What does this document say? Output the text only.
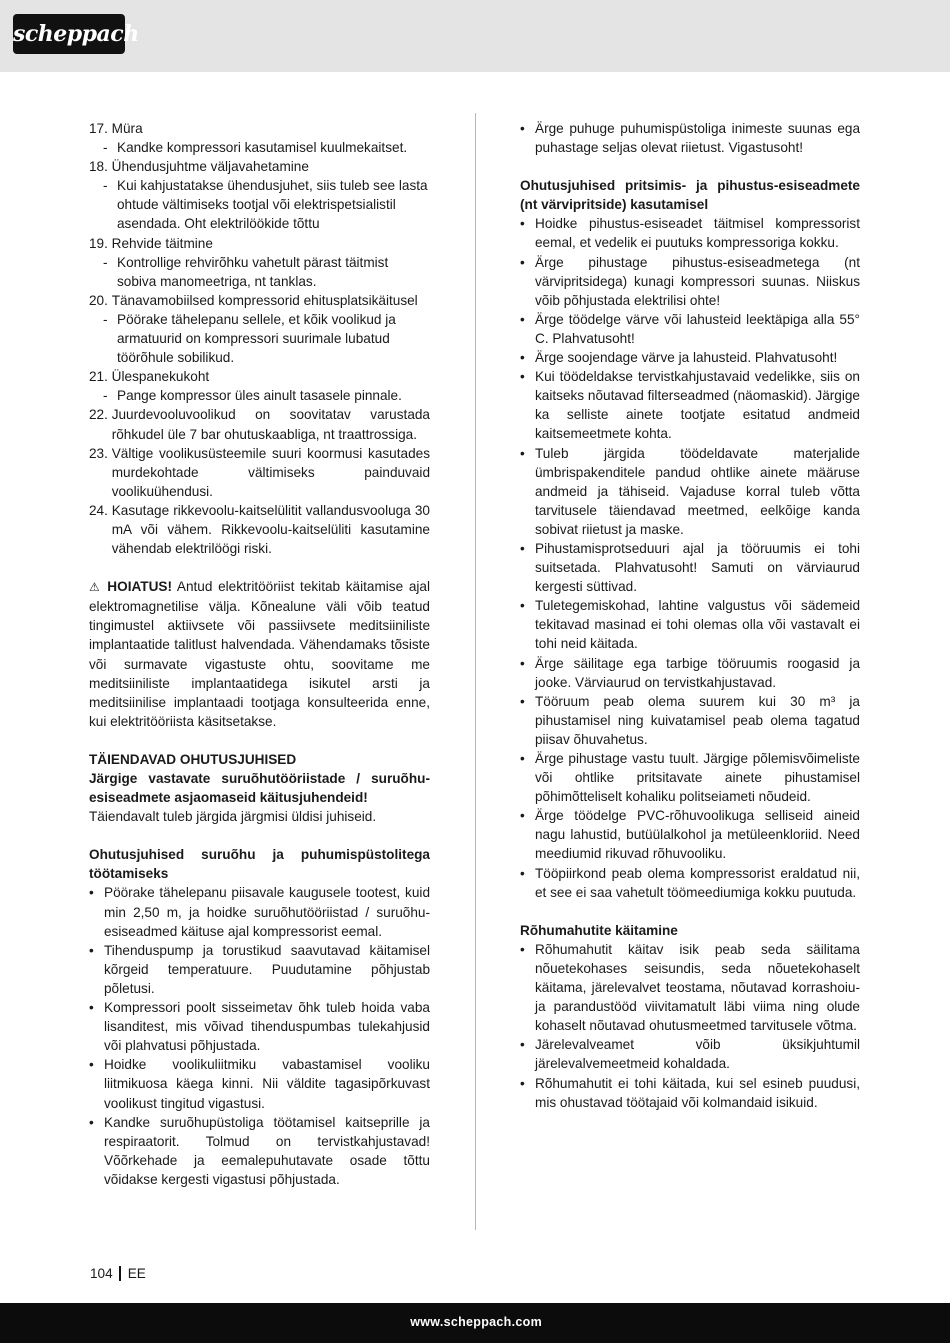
scheppach

17. Müra

- Kandke kompressori kasutamisel kuulmekaitset.

18. Ühendusjuhtme väljavahetamine

- Kui kahjustatakse ühendusjuhet, siis tuleb see lasta ohtude vältimiseks tootjal või elektrispetsialistil asendada. Oht elektrilöökide tõttu

19. Rehvide täitmine

- Kontrollige rehvirõhku vahetult pärast täitmist sobiva manomeetriga, nt tanklas.
20. Tänavamobiilsed kompressorid ehitusplatsikäitusel
- Pöörake tähelepanu sellele, et kõik voolikud ja armatuurid on kompressori suurimale lubatud töörõhule sobilikud.

21. Ülespanekukoht

- Pange kompressor üles ainult tasasele pinnale.
22. Juurdevooluvoolikud on soovitatav varustada rõhkudel üle 7 bar ohutuskaabliga, nt traattrossiga.
23. Vältige voolikusüsteemile suuri koormusi kasutades murdekohtade vältimiseks painduvaid voolikuühendusi.
24. Kasutage rikkevoolu-kaitselülitit vallandusvooluga 30 mA või vähem. Rikkevoolu-kaitselüliti kasutamine vähendab elektrilöögi riski.

⚠ HOIATUS! Antud elektritööriist tekitab käitamise ajal elektromagnetilise välja. Kõnealune väli võib teatud tingimustel aktiivsete või passiivsete meditsiiniliste implantaatide talitlust halvendada. Vähendamaks tõsiste või surmavate vigastuste ohtu, soovitame me meditsiiniliste implantaatidega isikutel arsti ja meditsiinilise implantaadi tootjaga konsulteerida enne, kui elektritööriista käsitsetakse.

TÄIENDAVAD OHUTUSJUHISED

Järgige vastavate suruõhutööriistade / suruõhu-esiseadmete asjaomaseid käitusjuhendeid!

Täiendavalt tuleb järgida järgmisi üldisi juhiseid.

Ohutusjuhised suruõhu ja puhumispüstolitega töötamiseks

• Pöörake tähelepanu piisavale kaugusele tootest, kuid min 2,50 m, ja hoidke suruõhutööriistad / suruõhu-esiseadmed käituse ajal kompressorist eemal.
• Tihenduspump ja torustikud saavutavad käitamisel kõrgeid temperatuure. Puudutamine põhjustab põletusi.
• Kompressori poolt sisseimetav õhk tuleb hoida vaba lisanditest, mis võivad tihenduspumbas tulekahjusid või plahvatusi põhjustada.
• Hoidke voolikuliitmiku vabastamisel vooliku liitmikuosa käega kinni. Nii väldite tagasipõrkuvast voolikust tingitud vigastusi.
• Kandke suruõhupüstoliga töötamisel kaitseprille ja respiraatorit. Tolmud on tervistkahjustavad! Võõrkehade ja eemalepuhutavate osade tõttu võidakse kergesti vigastusi põhjustada.
• Ärge puhuge puhumispüstoliga inimeste suunas ega puhastage seljas olevat riietust. Vigastusoht!

Ohutusjuhised pritsimis- ja pihustus-esiseadmete (nt värvipritside) kasutamisel

• Hoidke pihustus-esiseadet täitmisel kompressorist eemal, et vedelik ei puutuks kompressoriga kokku.
• Ärge pihustage pihustus-esiseadmetega (nt värvipritsidega) kunagi kompressori suunas. Niiskus võib põhjustada elektrilisi ohte!
• Ärge töödelge värve või lahusteid leektäpiga alla 55° C. Plahvatusoht!
• Ärge soojendage värve ja lahusteid. Plahvatusoht!
• Kui töödeldakse tervistkahjustavaid vedelikke, siis on kaitseks nõutavad filterseadmed (näomaskid). Järgige ka selliste ainete tootjate esitatud andmeid kaitsemeetmete kohta.
• Tuleb järgida töödeldavate materjalide ümbrispakenditele pandud ohtlike ainete määruse andmeid ja tähiseid. Vajaduse korral tuleb võtta tarvitusele täiendavad meetmed, eelkõige kanda sobivat riietust ja maske.
• Pihustamisprotseduuri ajal ja tööruumis ei tohi suitsetada. Plahvatusoht! Samuti on värviaurud kergesti süttivad.
• Tuletegemiskohad, lahtine valgustus või sädemeid tekitavad masinad ei tohi olemas olla või vastavalt ei tohi neid käitada.
• Ärge säilitage ega tarbige tööruumis roogasid ja jooke. Värviaurud on tervistkahjustavad.
• Tööruum peab olema suurem kui 30 m³ ja pihustamisel ning kuivatamisel peab olema tagatud piisav õhuvahetus.
• Ärge pihustage vastu tuult. Järgige põlemisvõimeliste või ohtlike pritsitavate ainete pihustamisel põhimõtteliselt kohaliku politseiameti nõudeid.
• Ärge töödelge PVC-rõhuvoolikuga selliseid aineid nagu lahustid, butüülalkohol ja metüleenkloriid. Need meediumid rikuvad rõhuvooliku.
• Tööpiirkond peab olema kompressorist eraldatud nii, et see ei saa vahetult töömeediumiga kokku puutuda.

Rõhumahutite käitamine

• Rõhumahutit käitav isik peab seda säilitama nõuetekohases seisundis, seda nõuetekohaselt käitama, järelevalvet teostama, nõutavad korrashoiu- ja parandustööd viivitamatult läbi viima ning olude kohaselt nõutavad ohutusmeetmed tarvitusele võtma.
• Järelevalveamet võib üksikjuhtumil järelevalvemeetmeid kohaldada.
• Rõhumahutit ei tohi käitada, kui sel esineb puudusi, mis ohustavad töötajaid või kolmandaid isikuid.
104 EE
www.scheppach.com
